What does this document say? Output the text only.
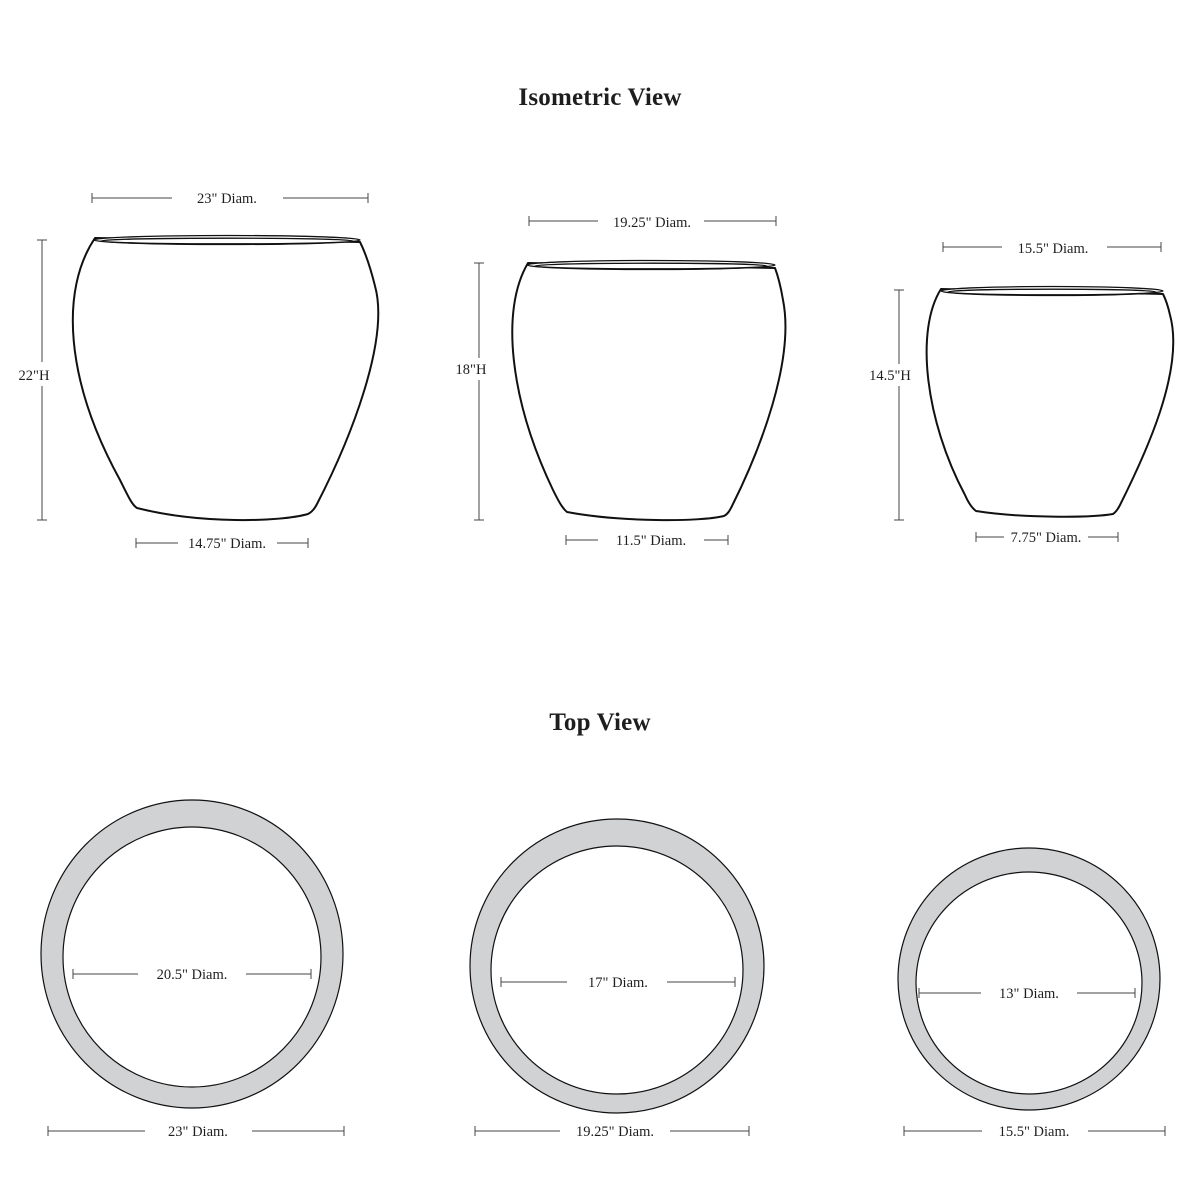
Isometric View
Top View
23" Diam.
22"H
14.75" Diam.
19.25" Diam.
18"H
11.5" Diam.
15.5" Diam.
14.5"H
7.75" Diam.
20.5" Diam.
23" Diam.
17" Diam.
19.25" Diam.
13" Diam.
15.5" Diam.
